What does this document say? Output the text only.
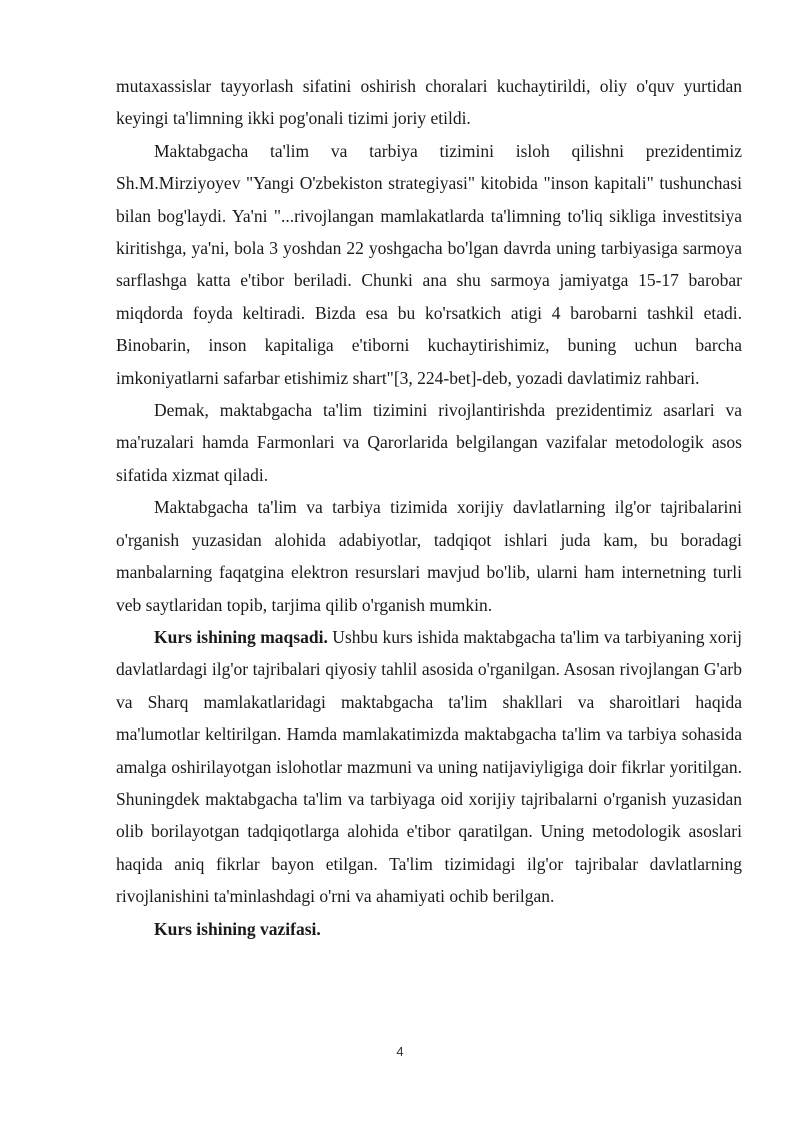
mutaxassislar tayyorlash sifatini oshirish choralari kuchaytirildi, oliy o'quv yurtidan keyingi ta'limning ikki pog'onali tizimi joriy etildi.

Maktabgacha ta'lim va tarbiya tizimini isloh qilishni prezidentimiz Sh.M.Mirziyoyev "Yangi O'zbekiston strategiyasi" kitobida "inson kapitali" tushunchasi bilan bog'laydi. Ya'ni "...rivojlangan mamlakatlarda ta'limning to'liq sikliga investitsiya kiritishga, ya'ni, bola 3 yoshdan 22 yoshgacha bo'lgan davrda uning tarbiyasiga sarmoya sarflashga katta e'tibor beriladi. Chunki ana shu sarmoya jamiyatga 15-17 barobar miqdorda foyda keltiradi. Bizda esa bu ko'rsatkich atigi 4 barobarni tashkil etadi. Binobarin, inson kapitaliga e'tiborni kuchaytirishimiz, buning uchun barcha imkoniyatlarni safarbar etishimiz shart"[3, 224-bet]-deb, yozadi davlatimiz rahbari.

Demak, maktabgacha ta'lim tizimini rivojlantirishda prezidentimiz asarlari va ma'ruzalari hamda Farmonlari va Qarorlarida belgilangan vazifalar metodologik asos sifatida xizmat qiladi.

Maktabgacha ta'lim va tarbiya tizimida xorijiy davlatlarning ilg'or tajribalarini o'rganish yuzasidan alohida adabiyotlar, tadqiqot ishlari juda kam, bu boradagi manbalarning faqatgina elektron resurslari mavjud bo'lib, ularni ham internetning turli veb saytlaridan topib, tarjima qilib o'rganish mumkin.

Kurs ishining maqsadi. Ushbu kurs ishida maktabgacha ta'lim va tarbiyaning xorij davlatlardagi ilg'or tajribalari qiyosiy tahlil asosida o'rganilgan. Asosan rivojlangan G'arb va Sharq mamlakatlaridagi maktabgacha ta'lim shakllari va sharoitlari haqida ma'lumotlar keltirilgan. Hamda mamlakatimizda maktabgacha ta'lim va tarbiya sohasida amalga oshirilayotgan islohotlar mazmuni va uning natijaviyligiga doir fikrlar yoritilgan. Shuningdek maktabgacha ta'lim va tarbiyaga oid xorijiy tajribalarni o'rganish yuzasidan olib borilayotgan tadqiqotlarga alohida e'tibor qaratilgan. Uning metodologik asoslari haqida aniq fikrlar bayon etilgan. Ta'lim tizimidagi ilg'or tajribalar davlatlarning rivojlanishini ta'minlashdagi o'rni va ahamiyati ochib berilgan.

Kurs ishining vazifasi.

4
